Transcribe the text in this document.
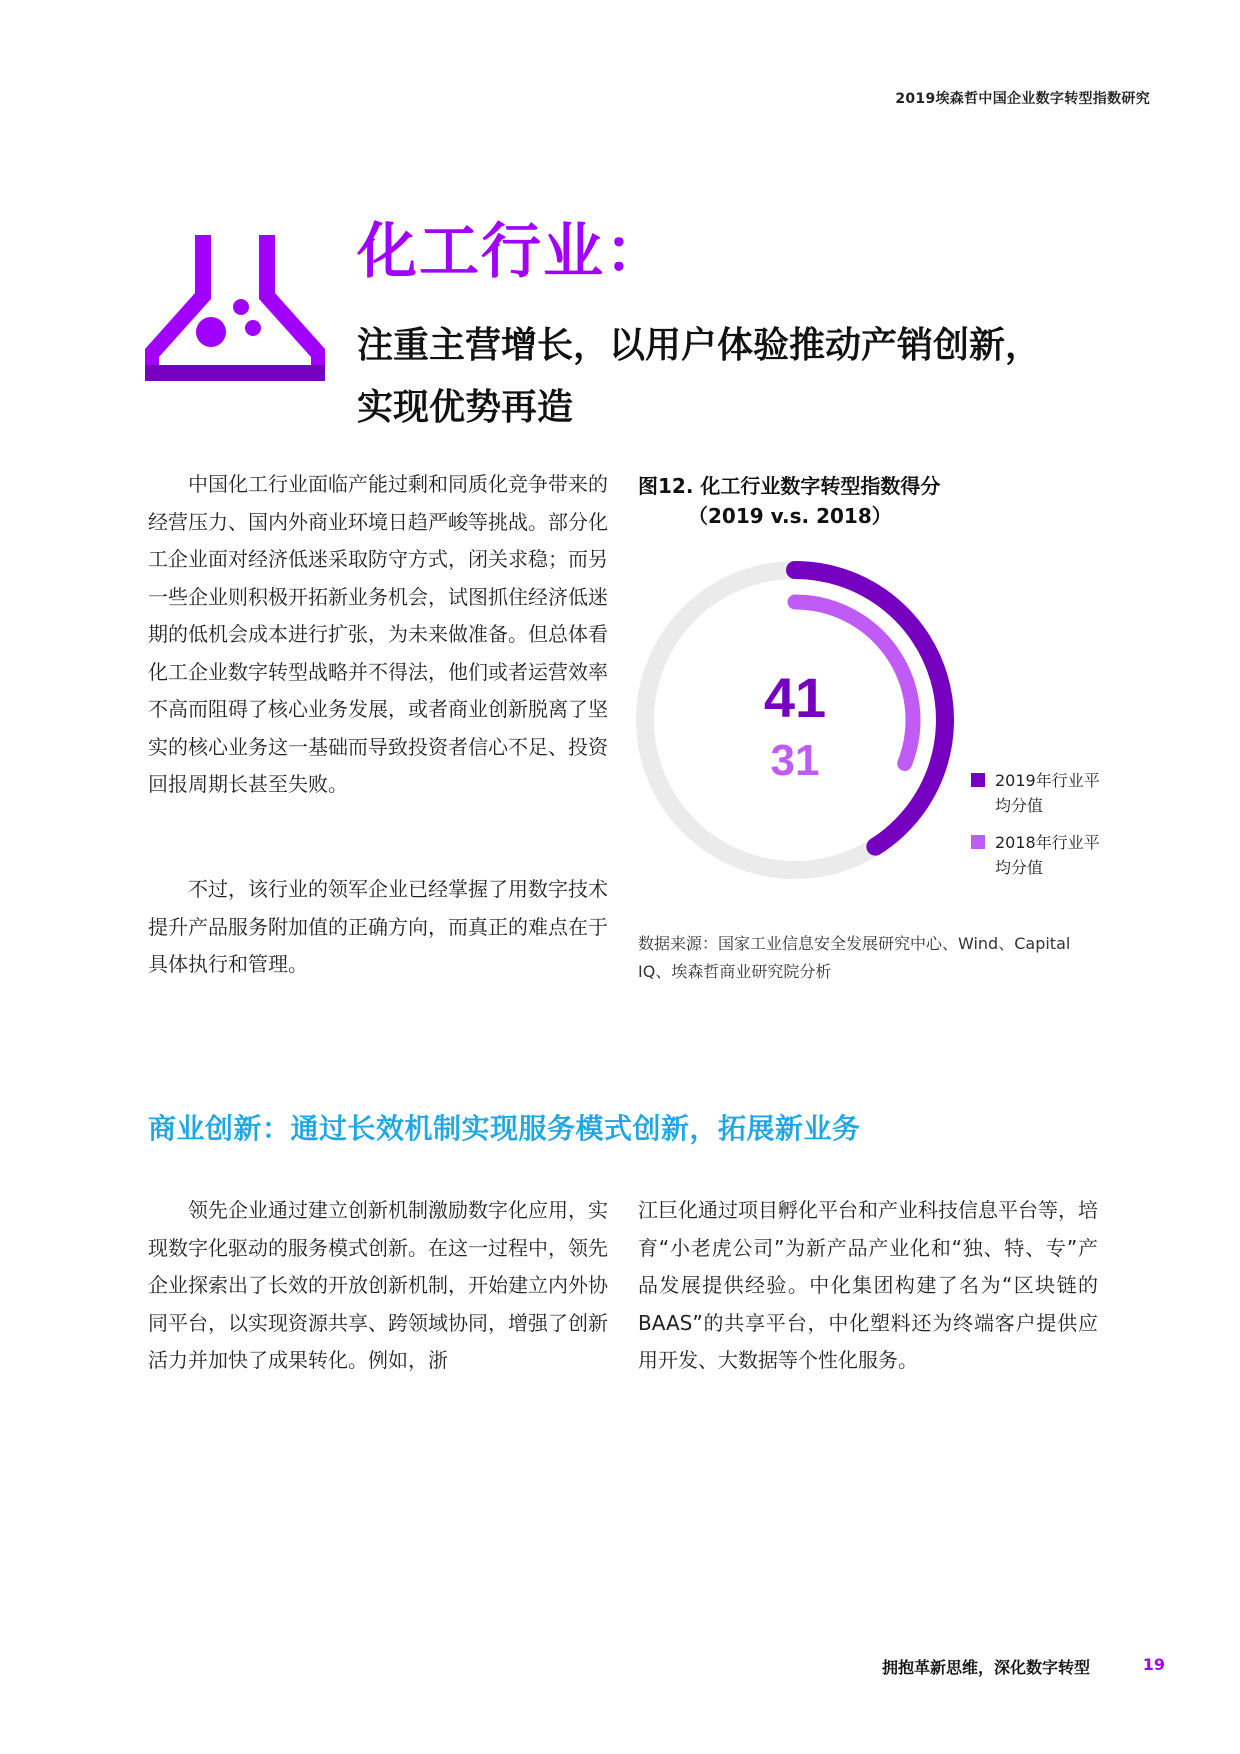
2019埃森哲中国企业数字转型指数研究
化工行业：
注重主营增长，以用户体验推动产销创新，
实现优势再造

中国化工行业面临产能过剩和同质化竞争带来的经营压力、国内外商业环境日趋严峻等挑战。部分化工企业面对经济低迷采取防守方式，闭关求稳；而另一些企业则积极开拓新业务机会，试图抓住经济低迷期的低机会成本进行扩张，为未来做准备。但总体看化工企业数字转型战略并不得法，他们或者运营效率不高而阻碍了核心业务发展，或者商业创新脱离了坚实的核心业务这一基础而导致投资者信心不足、投资回报周期长甚至失败。

不过，该行业的领军企业已经掌握了用数字技术提升产品服务附加值的正确方向，而真正的难点在于具体执行和管理。

图12. 化工行业数字转型指数得分
（2019 v.s. 2018）
41
31	2019年行业平均分值
2018年行业平均分值
数据来源：国家工业信息安全发展研究中心、Wind、Capital IQ、埃森哲商业研究院分析
商业创新：通过长效机制实现服务模式创新，拓展新业务

领先企业通过建立创新机制激励数字化应用，实现数字化驱动的服务模式创新。在这一过程中，领先企业探索出了长效的开放创新机制，开始建立内外协同平台，以实现资源共享、跨领域协同，增强了创新活力并加快了成果转化。例如，浙

江巨化通过项目孵化平台和产业科技信息平台等，培育“小老虎公司”为新产品产业化和“独、特、专”产品发展提供经验。中化集团构建了名为“区块链的BAAS”的共享平台，中化塑料还为终端客户提供应用开发、大数据等个性化服务。

拥抱革新思维，深化数字转型	19
